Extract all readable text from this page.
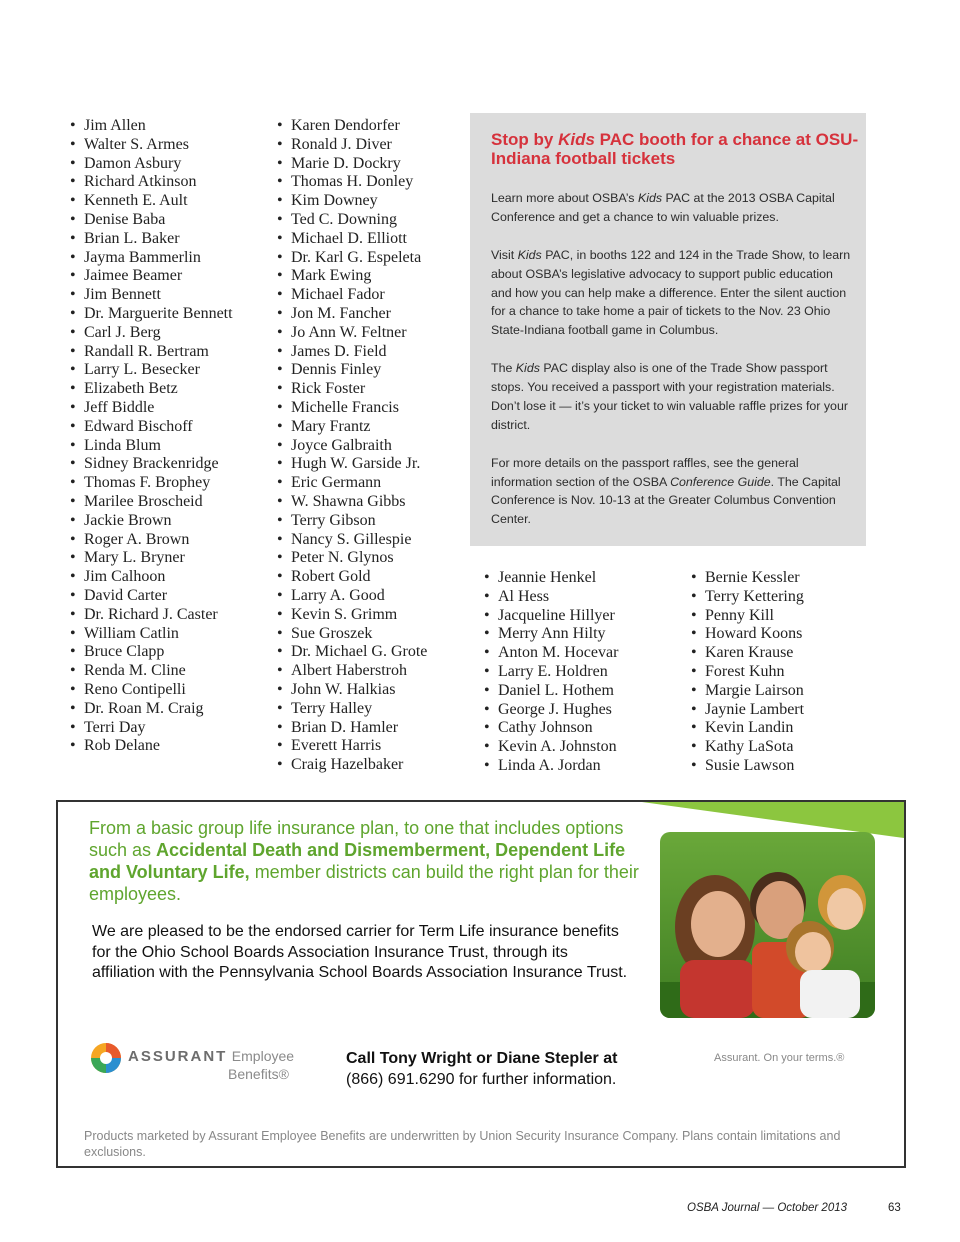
• Jim Allen
• Walter S. Armes
• Damon Asbury
• Richard Atkinson
• Kenneth E. Ault
• Denise Baba
• Brian L. Baker
• Jayma Bammerlin
• Jaimee Beamer
• Jim Bennett
• Dr. Marguerite Bennett
• Carl J. Berg
• Randall R. Bertram
• Larry L. Besecker
• Elizabeth Betz
• Jeff Biddle
• Edward Bischoff
• Linda Blum
• Sidney Brackenridge
• Thomas F. Brophey
• Marilee Broscheid
• Jackie Brown
• Roger A. Brown
• Mary L. Bryner
• Jim Calhoon
• David Carter
• Dr. Richard J. Caster
• William Catlin
• Bruce Clapp
• Renda M. Cline
• Reno Contipelli
• Dr. Roan M. Craig
• Terri Day
• Rob Delane
• Karen Dendorfer
• Ronald J. Diver
• Marie D. Dockry
• Thomas H. Donley
• Kim Downey
• Ted C. Downing
• Michael D. Elliott
• Dr. Karl G. Espeleta
• Mark Ewing
• Michael Fador
• Jon M. Fancher
• Jo Ann W. Feltner
• James D. Field
• Dennis Finley
• Rick Foster
• Michelle Francis
• Mary Frantz
• Joyce Galbraith
• Hugh W. Garside Jr.
• Eric Germann
• W. Shawna Gibbs
• Terry Gibson
• Nancy S. Gillespie
• Peter N. Glynos
• Robert Gold
• Larry A. Good
• Kevin S. Grimm
• Sue Groszek
• Dr. Michael G. Grote
• Albert Haberstroh
• John W. Halkias
• Terry Halley
• Brian D. Hamler
• Everett Harris
• Craig Hazelbaker
Stop by Kids PAC booth for a chance at OSU-Indiana football tickets

Learn more about OSBA’s Kids PAC at the 2013 OSBA Capital Conference and get a chance to win valuable prizes.

Visit Kids PAC, in booths 122 and 124 in the Trade Show, to learn about OSBA’s legislative advocacy to support public education and how you can help make a difference. Enter the silent auction for a chance to take home a pair of tickets to the Nov. 23 Ohio State-Indiana football game in Columbus.

The Kids PAC display also is one of the Trade Show passport stops. You received a passport with your registration materials. Don’t lose it — it’s your ticket to win valuable raffle prizes for your district.

For more details on the passport raffles, see the general information section of the OSBA Conference Guide. The Capital Conference is Nov. 10-13 at the Greater Columbus Convention Center.

• Jeannie Henkel
• Al Hess
• Jacqueline Hillyer
• Merry Ann Hilty
• Anton M. Hocevar
• Larry E. Holdren
• Daniel L. Hothem
• George J. Hughes
• Cathy Johnson
• Kevin A. Johnston
• Linda A. Jordan
• Bernie Kessler
• Terry Kettering
• Penny Kill
• Howard Koons
• Karen Krause
• Forest Kuhn
• Margie Lairson
• Jaynie Lambert
• Kevin Landin
• Kathy LaSota
• Susie Lawson
From a basic group life insurance plan, to one that includes options such as Accidental Death and Dismemberment, Dependent Life and Voluntary Life, member districts can build the right plan for their employees.
We are pleased to be the endorsed carrier for Term Life insurance benefits for the Ohio School Boards Association Insurance Trust, through its affiliation with the Pennsylvania School Boards Association Insurance Trust.
ASSURANT Employee
Benefits®
Call Tony Wright or Diane Stepler at
(866) 691.6290 for further information.
Assurant. On your terms.®
Products marketed by Assurant Employee Benefits are underwritten by Union Security Insurance Company. Plans contain limitations and exclusions.
OSBA Journal — October 2013	63
